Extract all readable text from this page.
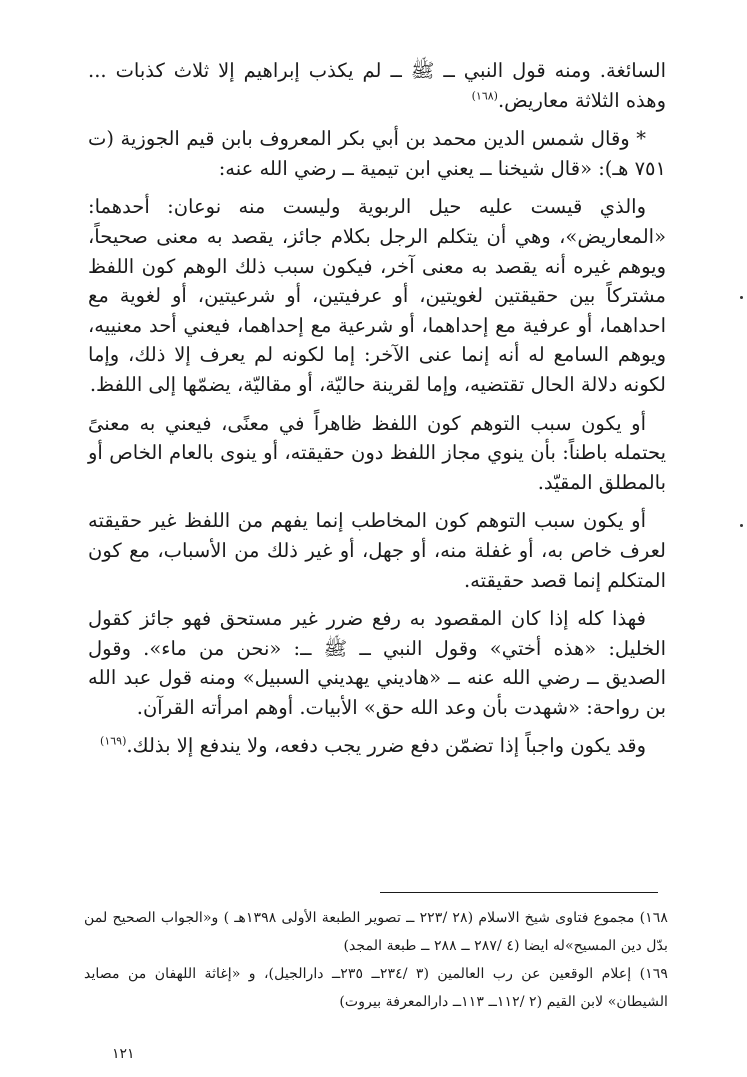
السائغة. ومنه قول النبي ــ ﷺ ــ لم يكذب إبراهيم إلا ثلاث كذبات ... وهذه الثلاثة معاريض.$^{(١٦٨)}$

* وقال شمس الدين محمد بن أبي بكر المعروف بابن قيم الجوزية (ت ٧٥١ هـ): «قال شيخنا ــ يعني ابن تيمية ــ رضي الله عنه:

والذي قيست عليه حيل الربوية وليست منه نوعان: أحدهما: «المعاريض»، وهي أن يتكلم الرجل بكلام جائز، يقصد به معنى صحيحاً، ويوهم غيره أنه يقصد به معنى آخر، فيكون سبب ذلك الوهم كون اللفظ مشتركاً بين حقيقتين لغويتين، أو عرفيتين، أو شرعيتين، أو لغوية مع احداهما، أو عرفية مع إحداهما، أو شرعية مع إحداهما، فيعني أحد معنييه، ويوهم السامع له أنه إنما عنى الآخر: إما لكونه لم يعرف إلا ذلك، وإما لكونه دلالة الحال تقتضيه، وإما لقرينة حاليّة، أو مقاليّة، يضمّها إلى اللفظ.

أو يكون سبب التوهم كون اللفظ ظاهراً في معنًى، فيعني به معنىً يحتمله باطناً: بأن ينوي مجاز اللفظ دون حقيقته، أو ينوى بالعام الخاص أو بالمطلق المقيّد.

أو يكون سبب التوهم كون المخاطب إنما يفهم من اللفظ غير حقيقته لعرف خاص به، أو غفلة منه، أو جهل، أو غير ذلك من الأسباب، مع كون المتكلم إنما قصد حقيقته.

فهذا كله إذا كان المقصود به رفع ضرر غير مستحق فهو جائز كقول الخليل: «هذه أختي» وقول النبي ــ ﷺ ــ: «نحن من ماء». وقول الصديق ــ رضي الله عنه ــ «هاديني يهديني السبيل» ومنه قول عبد الله بن رواحة: «شهدت بأن وعد الله حق» الأبيات. أوهم امرأته القرآن.

وقد يكون واجباً إذا تضمّن دفع ضرر يجب دفعه، ولا يندفع إلا بذلك.$^{(١٦٩)}$

١٦٨) مجموع فتاوى شيخ الاسلام (٢٨ /٢٢٣ ــ تصوير الطبعة الأولى ١٣٩٨هـ ) و«الجواب الصحيح لمن بدّل دين المسيح»له ايضا (٤ /٢٨٧ ــ ٢٨٨ ــ طبعة المجد)

١٦٩) إعلام الوقعين عن رب العالمين (٣ /٢٣٤ــ ٢٣٥ــ دارالجيل)، و «إغاثة اللهفان من مصايد الشيطان» لابن القيم (٢ /١١٢ــ ١١٣ــ دارالمعرفة بيروت)

١٢١
